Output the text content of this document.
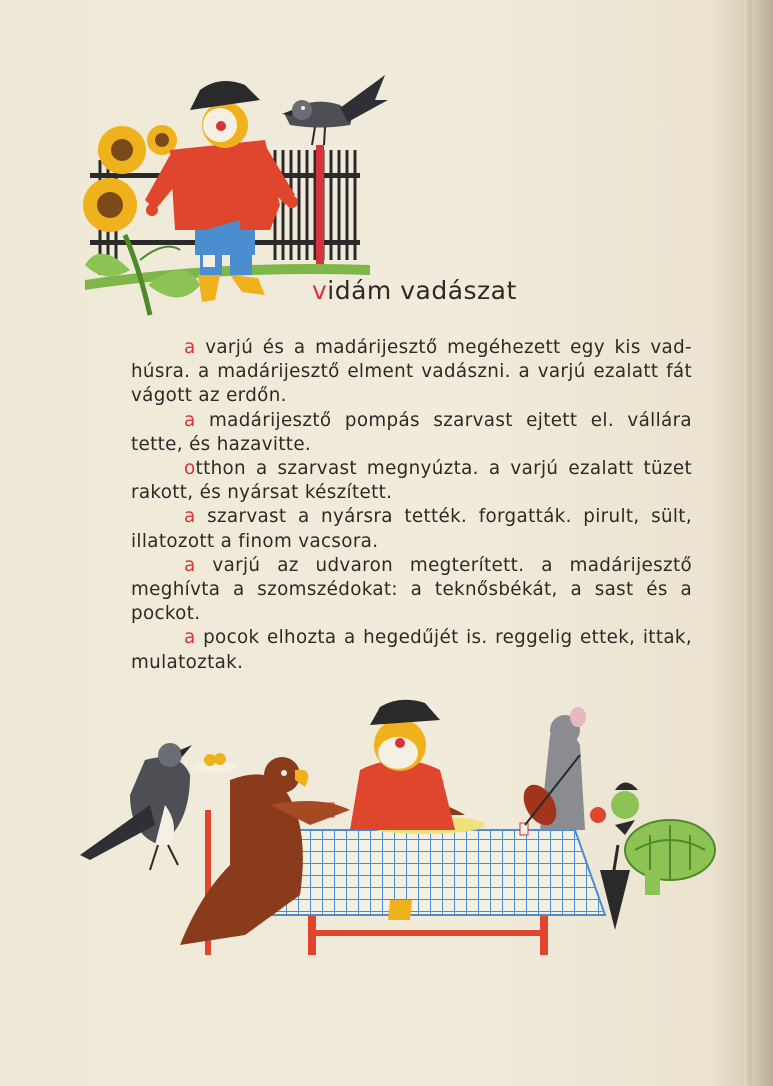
vidám vadászat

a varjú és a madárijesztő megéhezett egy kis vad- húsra. a madárijesztő elment vadászni. a varjú ezalatt fát vágott az erdőn.

a madárijesztő pompás szarvast ejtett el. vállára tette, és hazavitte.

otthon a szarvast megnyúzta. a varjú ezalatt tüzet rakott, és nyársat készített.

a szarvast a nyársra tették. forgatták. pirult, sült, illatozott a finom vacsora.

a varjú az udvaron megterített. a madárijesztő meghívta a szomszédokat: a teknősbékát, a sast és a pockot.

a pocok elhozta a hegedűjét is. reggelig ettek, ittak, mulatoztak.
